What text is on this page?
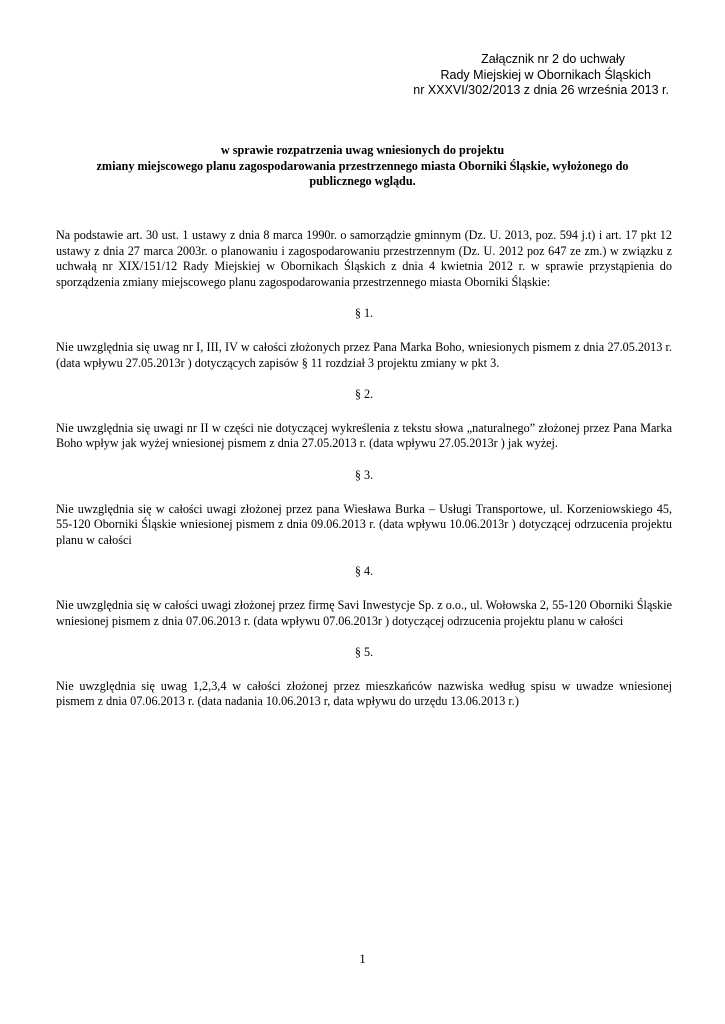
Załącznik nr 2 do uchwały
Rady Miejskiej w Obornikach Śląskich
nr XXXVI/302/2013 z dnia 26 września 2013 r.
w sprawie rozpatrzenia uwag wniesionych do projektu
zmiany miejscowego planu zagospodarowania przestrzennego miasta Oborniki Śląskie, wyłożonego do
publicznego wglądu.

Na podstawie art. 30 ust. 1 ustawy z dnia 8 marca 1990r. o samorządzie gminnym (Dz. U. 2013, poz. 594 j.t) i art. 17 pkt 12 ustawy z dnia 27 marca 2003r. o planowaniu i zagospodarowaniu przestrzennym (Dz. U. 2012 poz 647 ze zm.) w związku z uchwałą nr XIX/151/12 Rady Miejskiej w Obornikach Śląskich z dnia 4 kwietnia 2012 r. w sprawie przystąpienia do sporządzenia zmiany miejscowego planu zagospodarowania przestrzennego miasta Oborniki Śląskie:

§ 1.

Nie uwzględnia się uwag nr I, III, IV w całości złożonych przez Pana Marka Boho, wniesionych pismem z dnia 27.05.2013 r. (data wpływu 27.05.2013r ) dotyczących zapisów § 11 rozdział 3 projektu zmiany w pkt 3.

§ 2.

Nie uwzględnia się uwagi nr II w części nie dotyczącej wykreślenia z tekstu słowa „naturalnego” złożonej przez Pana Marka Boho wpływ jak wyżej wniesionej pismem z dnia 27.05.2013 r. (data wpływu 27.05.2013r ) jak wyżej.

§ 3.

Nie uwzględnia się w całości uwagi złożonej przez pana Wiesława Burka – Usługi Transportowe, ul. Korzeniowskiego 45, 55-120 Oborniki Śląskie wniesionej pismem z dnia 09.06.2013 r. (data wpływu 10.06.2013r ) dotyczącej odrzucenia projektu planu w całości

§ 4.

Nie uwzględnia się w całości uwagi złożonej przez firmę Savi Inwestycje Sp. z o.o., ul. Wołowska 2, 55-120 Oborniki Śląskie wniesionej pismem z dnia 07.06.2013 r. (data wpływu 07.06.2013r ) dotyczącej odrzucenia projektu planu w całości

§ 5.

Nie uwzględnia się uwag 1,2,3,4 w całości złożonej przez mieszkańców nazwiska według spisu w uwadze wniesionej pismem z dnia 07.06.2013 r. (data nadania 10.06.2013 r, data wpływu do urzędu 13.06.2013 r.)

1
